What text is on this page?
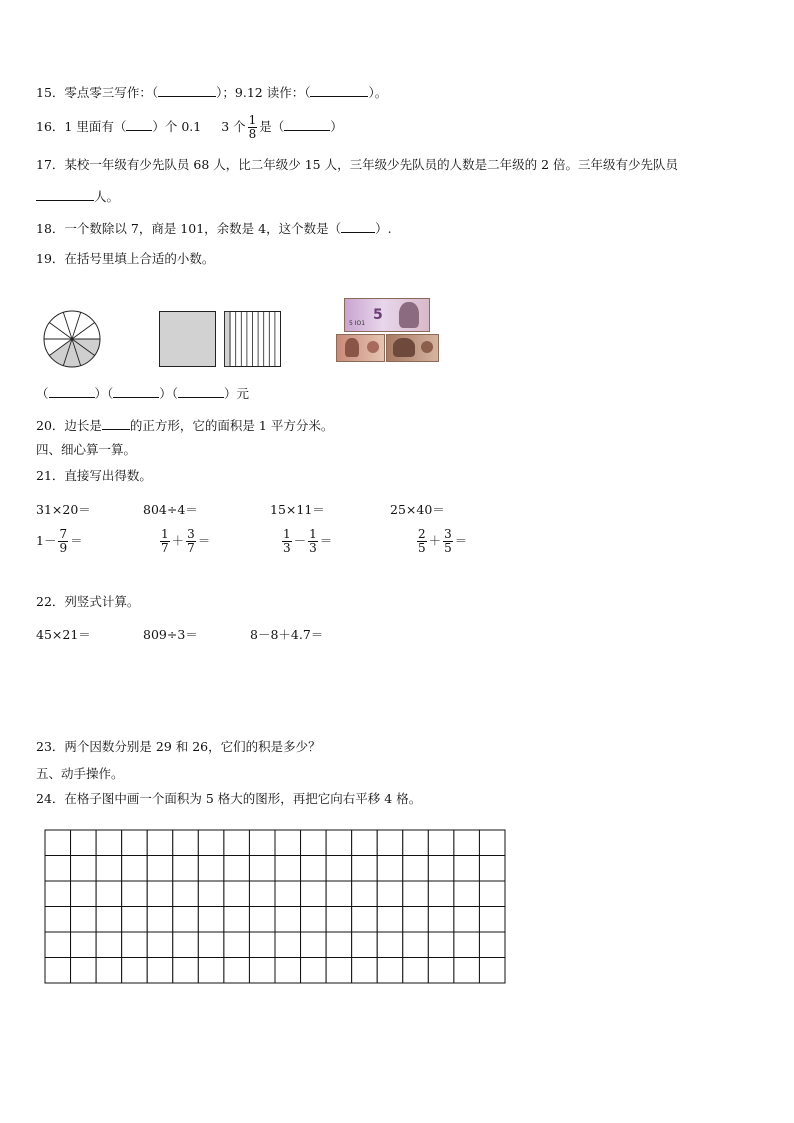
15．零点零三写作：（	）；9.12 读作：（	）。
16．1 里面有（ ）个 0.1 3 个 $\frac{1}{8}$ 是（	）
17．某校一年级有少先队员 68 人，比二年级少 15 人，三年级少先队员的人数是二年级的 2 倍。三年级有少先队员
人。
18．一个数除以 7，商是 101，余数是 4，这个数是（	）.
19．在括号里填上合适的小数。
5
5 IO1
（	）（	）（	）元
20．边长是 的正方形，它的面积是 1 平方分米。
四、细心算一算。
21．直接写出得数。
31×20＝	804÷4＝	15×11＝	25×40＝
$1- \frac{7}{9}$ ＝	$\frac{1}{7} + \frac{3}{7}$ ＝	$\frac{1}{3} - \frac{1}{3}$ ＝	$\frac{2}{5} + \frac{3}{5}$ ＝
22．列竖式计算。
45×21＝	809÷3＝	8－8＋4.7＝
23．两个因数分别是 29 和 26，它们的积是多少？
五、动手操作。
24．在格子图中画一个面积为 5 格大的图形，再把它向右平移 4 格。
